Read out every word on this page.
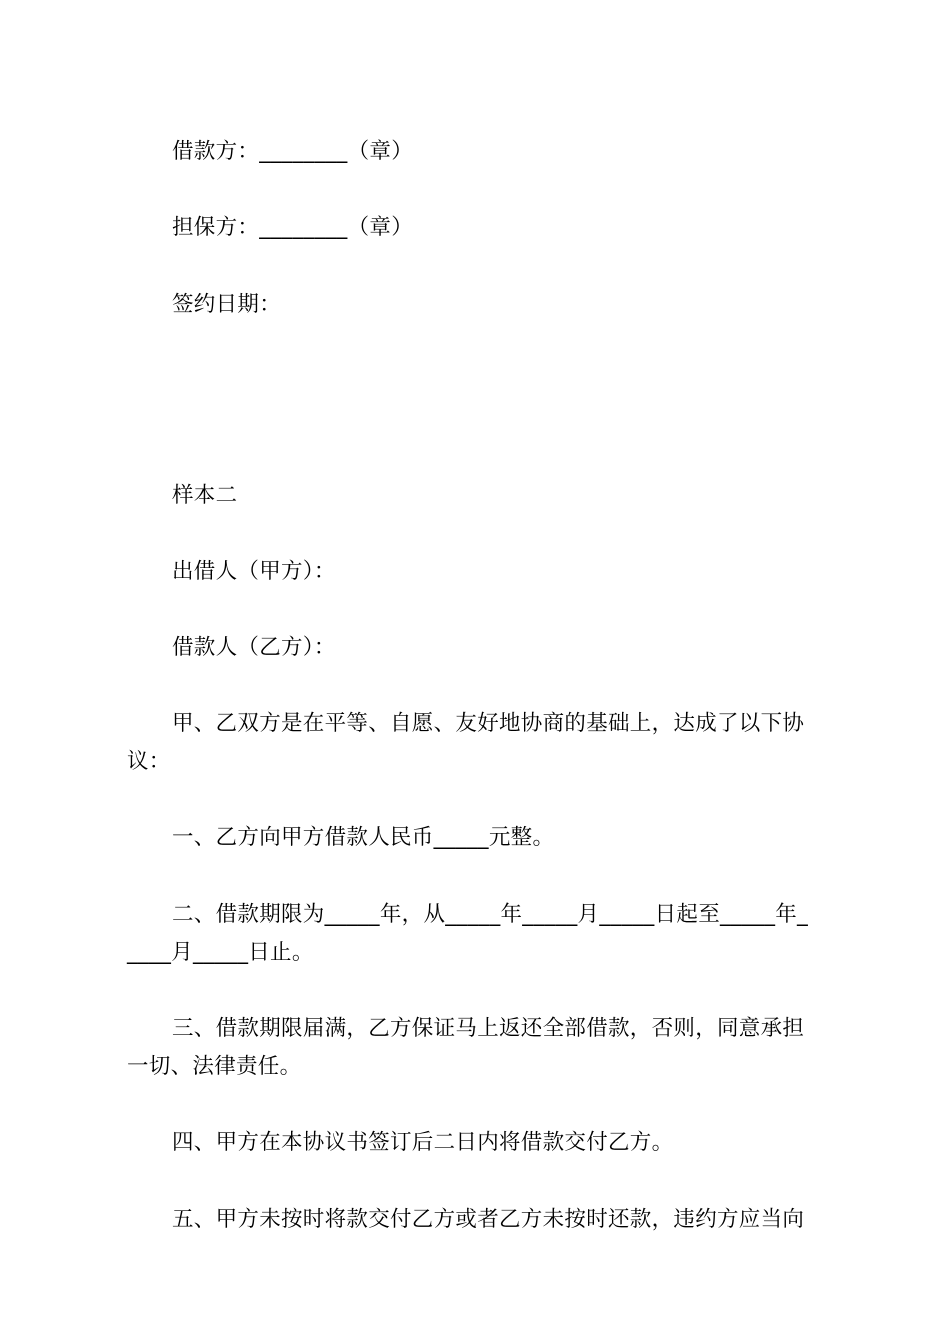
借款方：________（章）
担保方：________（章）
签约日期：
样本二
出借人（甲方）：
借款人（乙方）：
甲、乙双方是在平等、自愿、友好地协商的基础上，达成了以下协
议：
一、乙方向甲方借款人民币_____元整。
二、借款期限为_____年，从_____年_____月_____日起至_____年_
____月_____日止。
三、借款期限届满，乙方保证马上返还全部借款，否则，同意承担
一切、法律责任。
四、甲方在本协议书签订后二日内将借款交付乙方。
五、甲方未按时将款交付乙方或者乙方未按时还款，违约方应当向
